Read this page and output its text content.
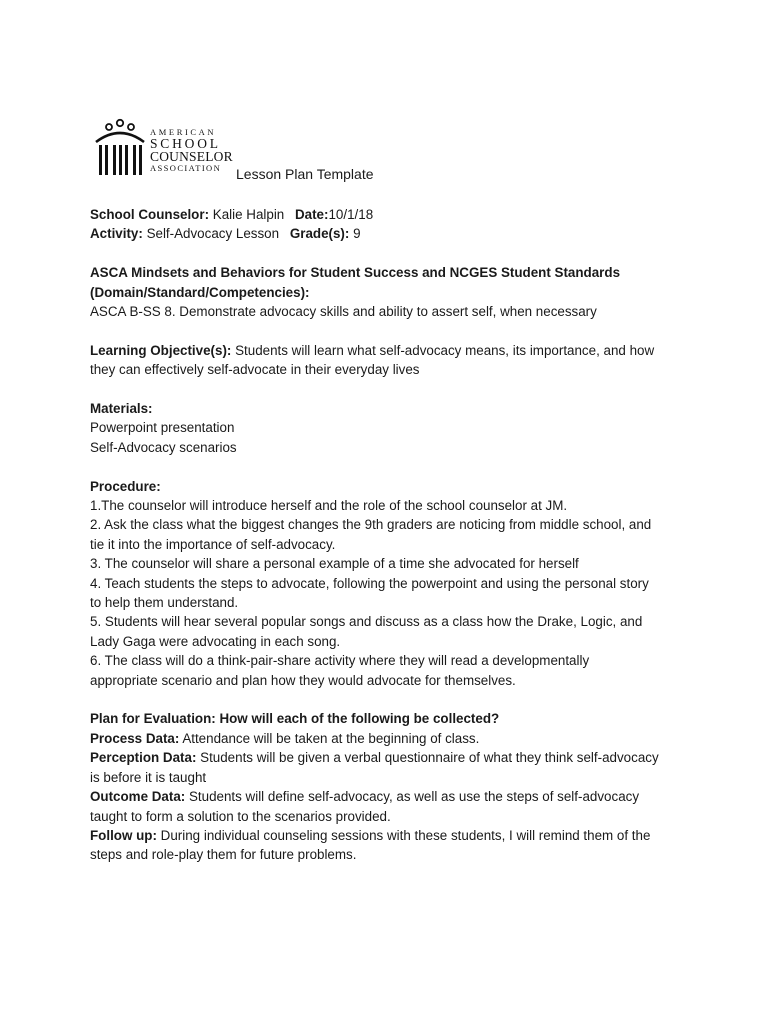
AMERICAN
SCHOOL
COUNSELOR
ASSOCIATION	Lesson Plan Template
School Counselor: Kalie Halpin Date:10/1/18
Activity: Self-Advocacy Lesson Grade(s): 9
ASCA Mindsets and Behaviors for Student Success and NCGES Student Standards
(Domain/Standard/Competencies):
ASCA B-SS 8. Demonstrate advocacy skills and ability to assert self, when necessary
Learning Objective(s): Students will learn what self-advocacy means, its importance, and how
they can effectively self-advocate in their everyday lives
Materials:
Powerpoint presentation
Self-Advocacy scenarios
Procedure:
1.The counselor will introduce herself and the role of the school counselor at JM.
2. Ask the class what the biggest changes the 9th graders are noticing from middle school, and
tie it into the importance of self-advocacy.
3. The counselor will share a personal example of a time she advocated for herself
4. Teach students the steps to advocate, following the powerpoint and using the personal story
to help them understand.
5. Students will hear several popular songs and discuss as a class how the Drake, Logic, and
Lady Gaga were advocating in each song.
6. The class will do a think-pair-share activity where they will read a developmentally
appropriate scenario and plan how they would advocate for themselves.
Plan for Evaluation: How will each of the following be collected?
Process Data: Attendance will be taken at the beginning of class.
Perception Data: Students will be given a verbal questionnaire of what they think self-advocacy
is before it is taught
Outcome Data: Students will define self-advocacy, as well as use the steps of self-advocacy
taught to form a solution to the scenarios provided.
Follow up: During individual counseling sessions with these students, I will remind them of the
steps and role-play them for future problems.
